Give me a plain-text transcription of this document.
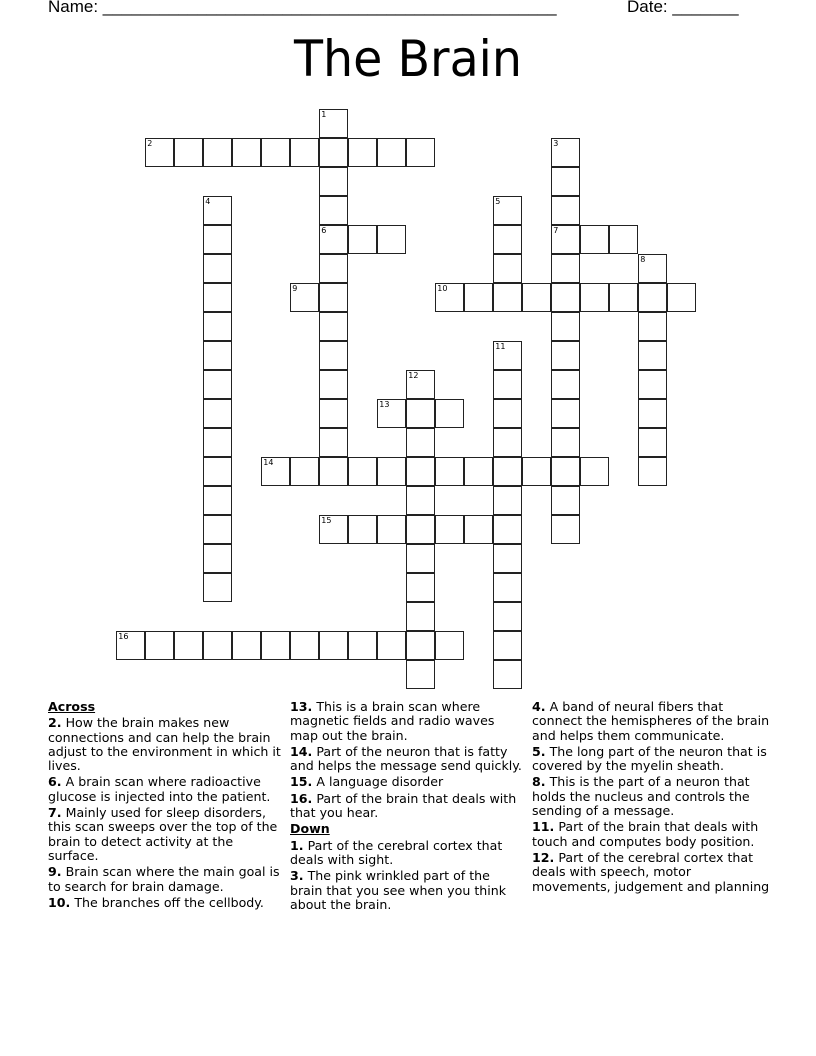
Name: ________________________________________________	Date: _______
The Brain
1
6
2	3
7
4	5
8
9	10
11
12
13
14
15
16
Across
2. How the brain makes new connections and can help the brain adjust to the environment in which it lives.
6. A brain scan where radioactive glucose is injected into the patient.
7. Mainly used for sleep disorders, this scan sweeps over the top of the brain to detect activity at the surface.
9. Brain scan where the main goal is to search for brain damage.
10. The branches off the cellbody.
13. This is a brain scan where magnetic fields and radio waves map out the brain.
14. Part of the neuron that is fatty and helps the message send quickly.
15. A language disorder
16. Part of the brain that deals with that you hear.
Down
1. Part of the cerebral cortex that deals with sight.
3. The pink wrinkled part of the brain that you see when you think about the brain.
4. A band of neural fibers that connect the hemispheres of the brain and helps them communicate.
5. The long part of the neuron that is covered by the myelin sheath.
8. This is the part of a neuron that holds the nucleus and controls the sending of a message.
11. Part of the brain that deals with touch and computes body position.
12. Part of the cerebral cortex that deals with speech, motor movements, judgement and planning
